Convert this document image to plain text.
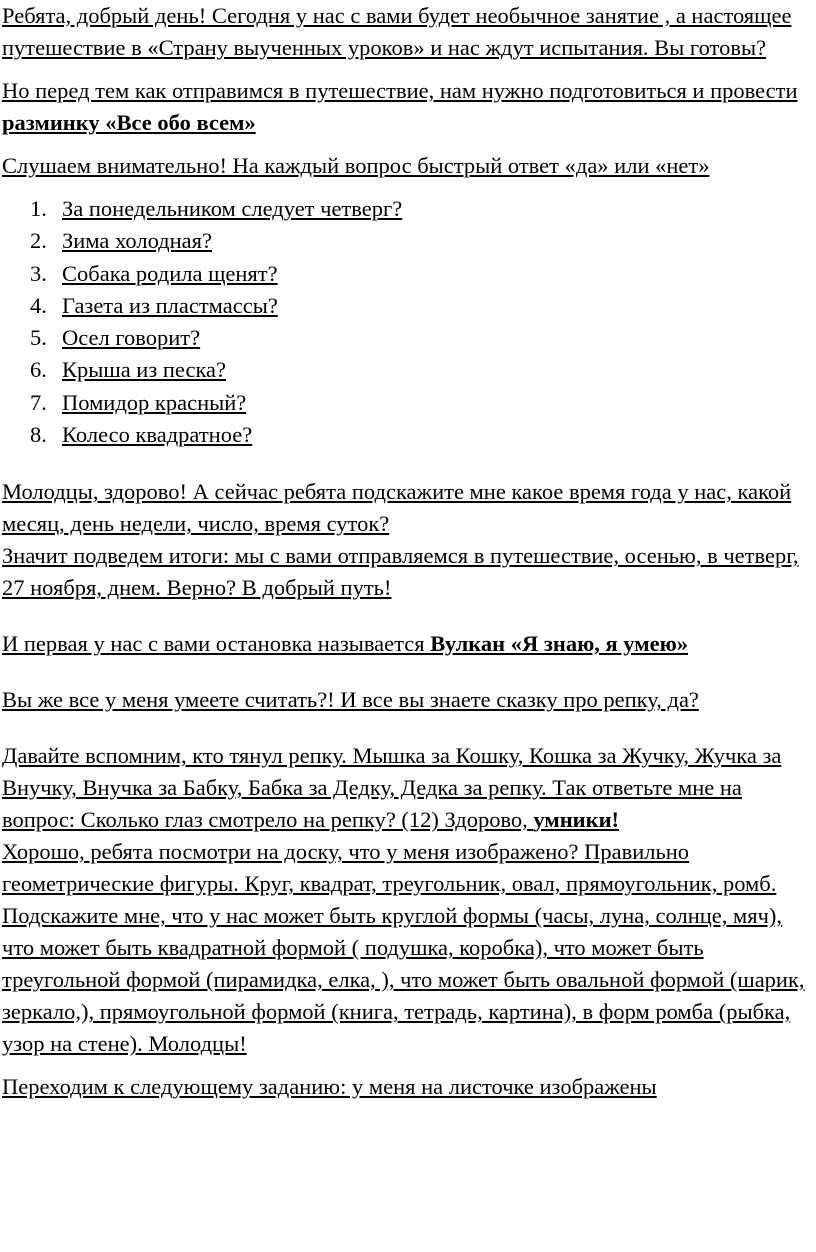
Ребята, добрый день! Сегодня у нас с вами будет необычное занятие , а настоящее путешествие в «Страну выученных уроков» и нас ждут испытания. Вы готовы?

Но перед тем как отправимся в путешествие, нам нужно подготовиться и провести разминку «Все обо всем»

Слушаем внимательно! На каждый вопрос быстрый ответ «да» или «нет»

1. За понедельником следует четверг?
2. Зима холодная?
3. Собака родила щенят?
4. Газета из пластмассы?
5. Осел говорит?
6. Крыша из песка?
7. Помидор красный?
8. Колесо квадратное?

Молодцы, здорово! А сейчас ребята подскажите мне какое время года у нас, какой месяц, день недели, число, время суток?

Значит подведем итоги: мы с вами отправляемся в путешествие, осенью, в четверг, 27 ноября, днем. Верно? В добрый путь!

И первая у нас с вами остановка называется Вулкан «Я знаю, я умею»

Вы же все у меня умеете считать?! И все вы знаете сказку про репку, да?

Давайте вспомним, кто тянул репку. Мышка за Кошку, Кошка за Жучку, Жучка за Внучку, Внучка за Бабку, Бабка за Дедку, Дедка за репку. Так ответьте мне на вопрос: Сколько глаз смотрело на репку? (12) Здорово, умники!

Хорошо, ребята посмотри на доску, что у меня изображено? Правильно геометрические фигуры. Круг, квадрат, треугольник, овал, прямоугольник, ромб. Подскажите мне, что у нас может быть круглой формы (часы, луна, солнце, мяч), что может быть квадратной формой ( подушка, коробка), что может быть треугольной формой (пирамидка, елка, ), что может быть овальной формой (шарик, зеркало,), прямоугольной формой (книга, тетрадь, картина), в форм ромба (рыбка, узор на стене). Молодцы!

Переходим к следующему заданию: у меня на листочке изображены
